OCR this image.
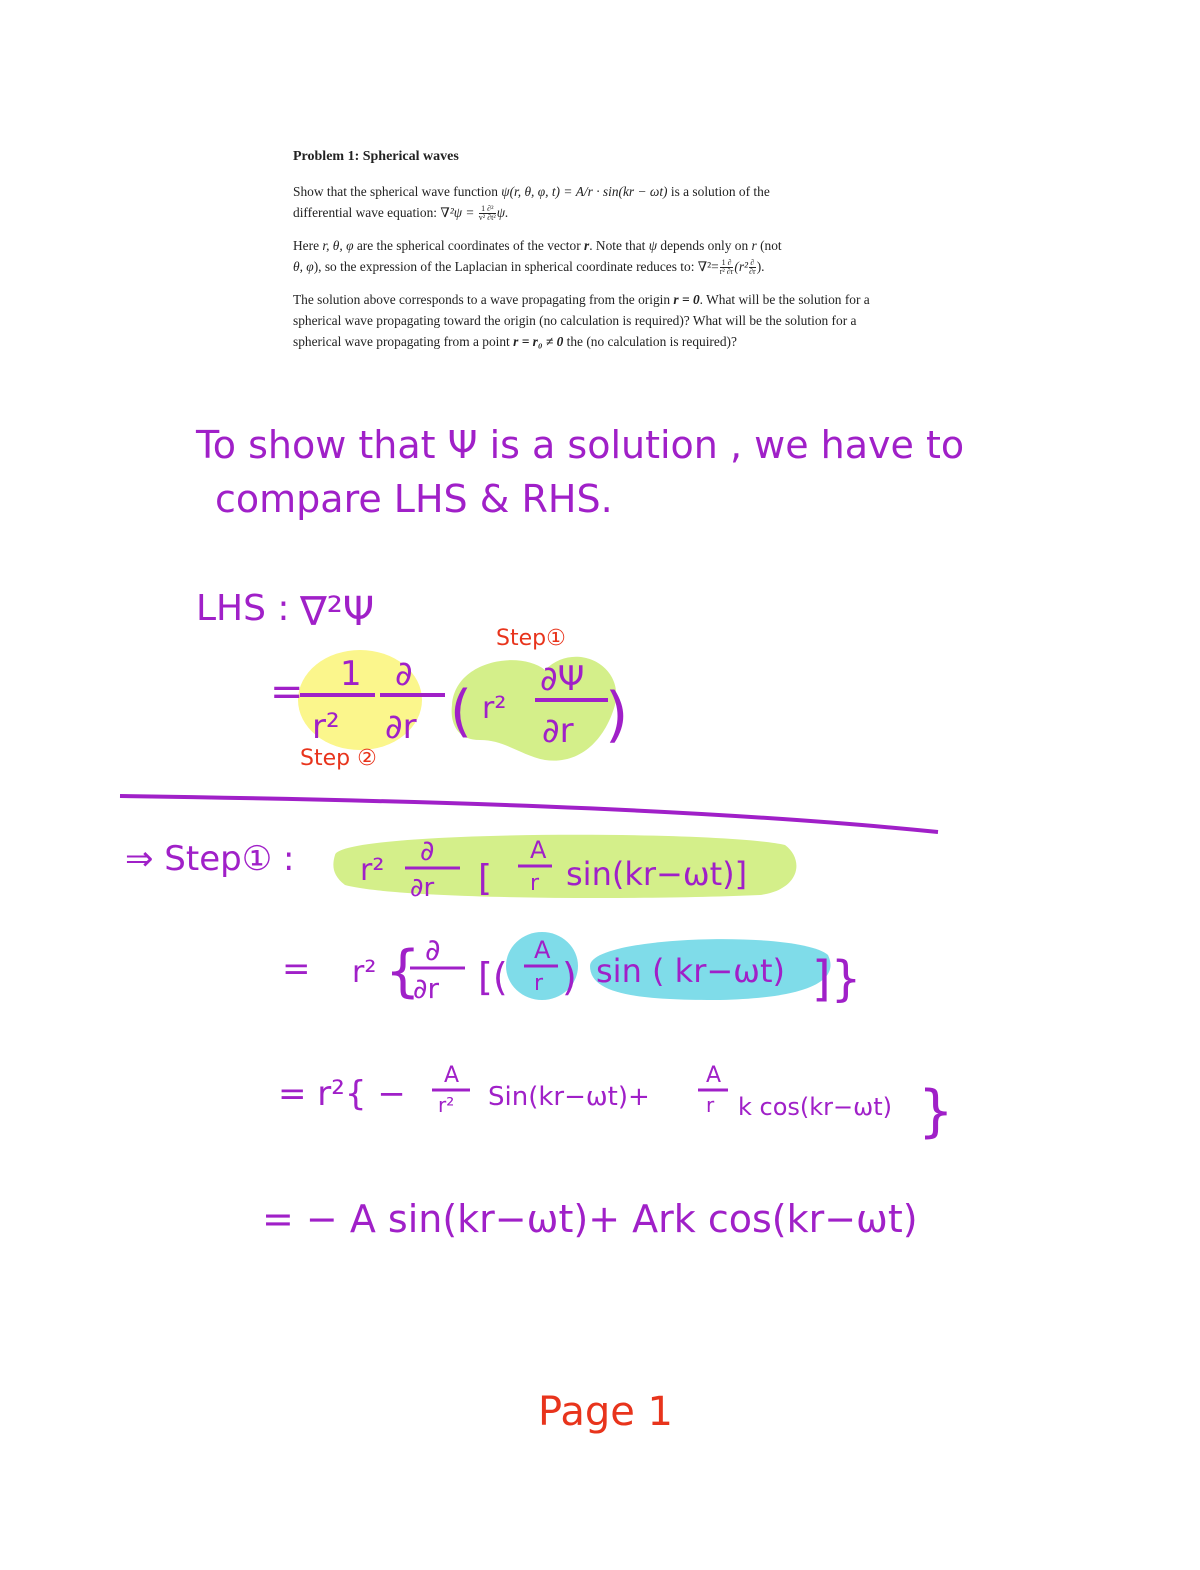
Problem 1: Spherical waves

Show that the spherical wave function ψ(r, θ, φ, t) = A/r · sin(kr − ωt) is a solution of the
differential wave equation: $\nabla^2\psi = \frac{\text{1 ∂²}}{\text{v² ∂t²}} \psi$.

Here r, θ, φ are the spherical coordinates of the vector r. Note that ψ depends only on r (not
θ, φ), so the expression of the Laplacian in spherical coordinate reduces to: $\nabla^2= \frac{1 \partial}{\text{r² ∂r}} (r^2 \frac{\partial}{\partial r}$ ).

The solution above corresponds to a wave propagating from the origin r = 0. What will be the solution for a spherical wave propagating toward the origin (no calculation is required)? What will be the solution for a spherical wave propagating from a point r = r₀ ≠ 0 the (no calculation is required)?

To show that Ψ is a solution , we have to
compare LHS & RHS.
LHS : ∇²Ψ
Step①
Step ②
= 1
r²
∂
∂r ( r²
∂Ψ
∂r )
⇒ Step① : r²
∂
∂r [
A
r sin(kr−ωt)]
= r² { ∂
∂r [(
A
r ) sin ( kr−ωt) ]}
= r²{ − A
r² Sin(kr−ωt)+
A
r k cos(kr−ωt) }
= − A sin(kr−ωt)+ Ark cos(kr−ωt)
Page 1
